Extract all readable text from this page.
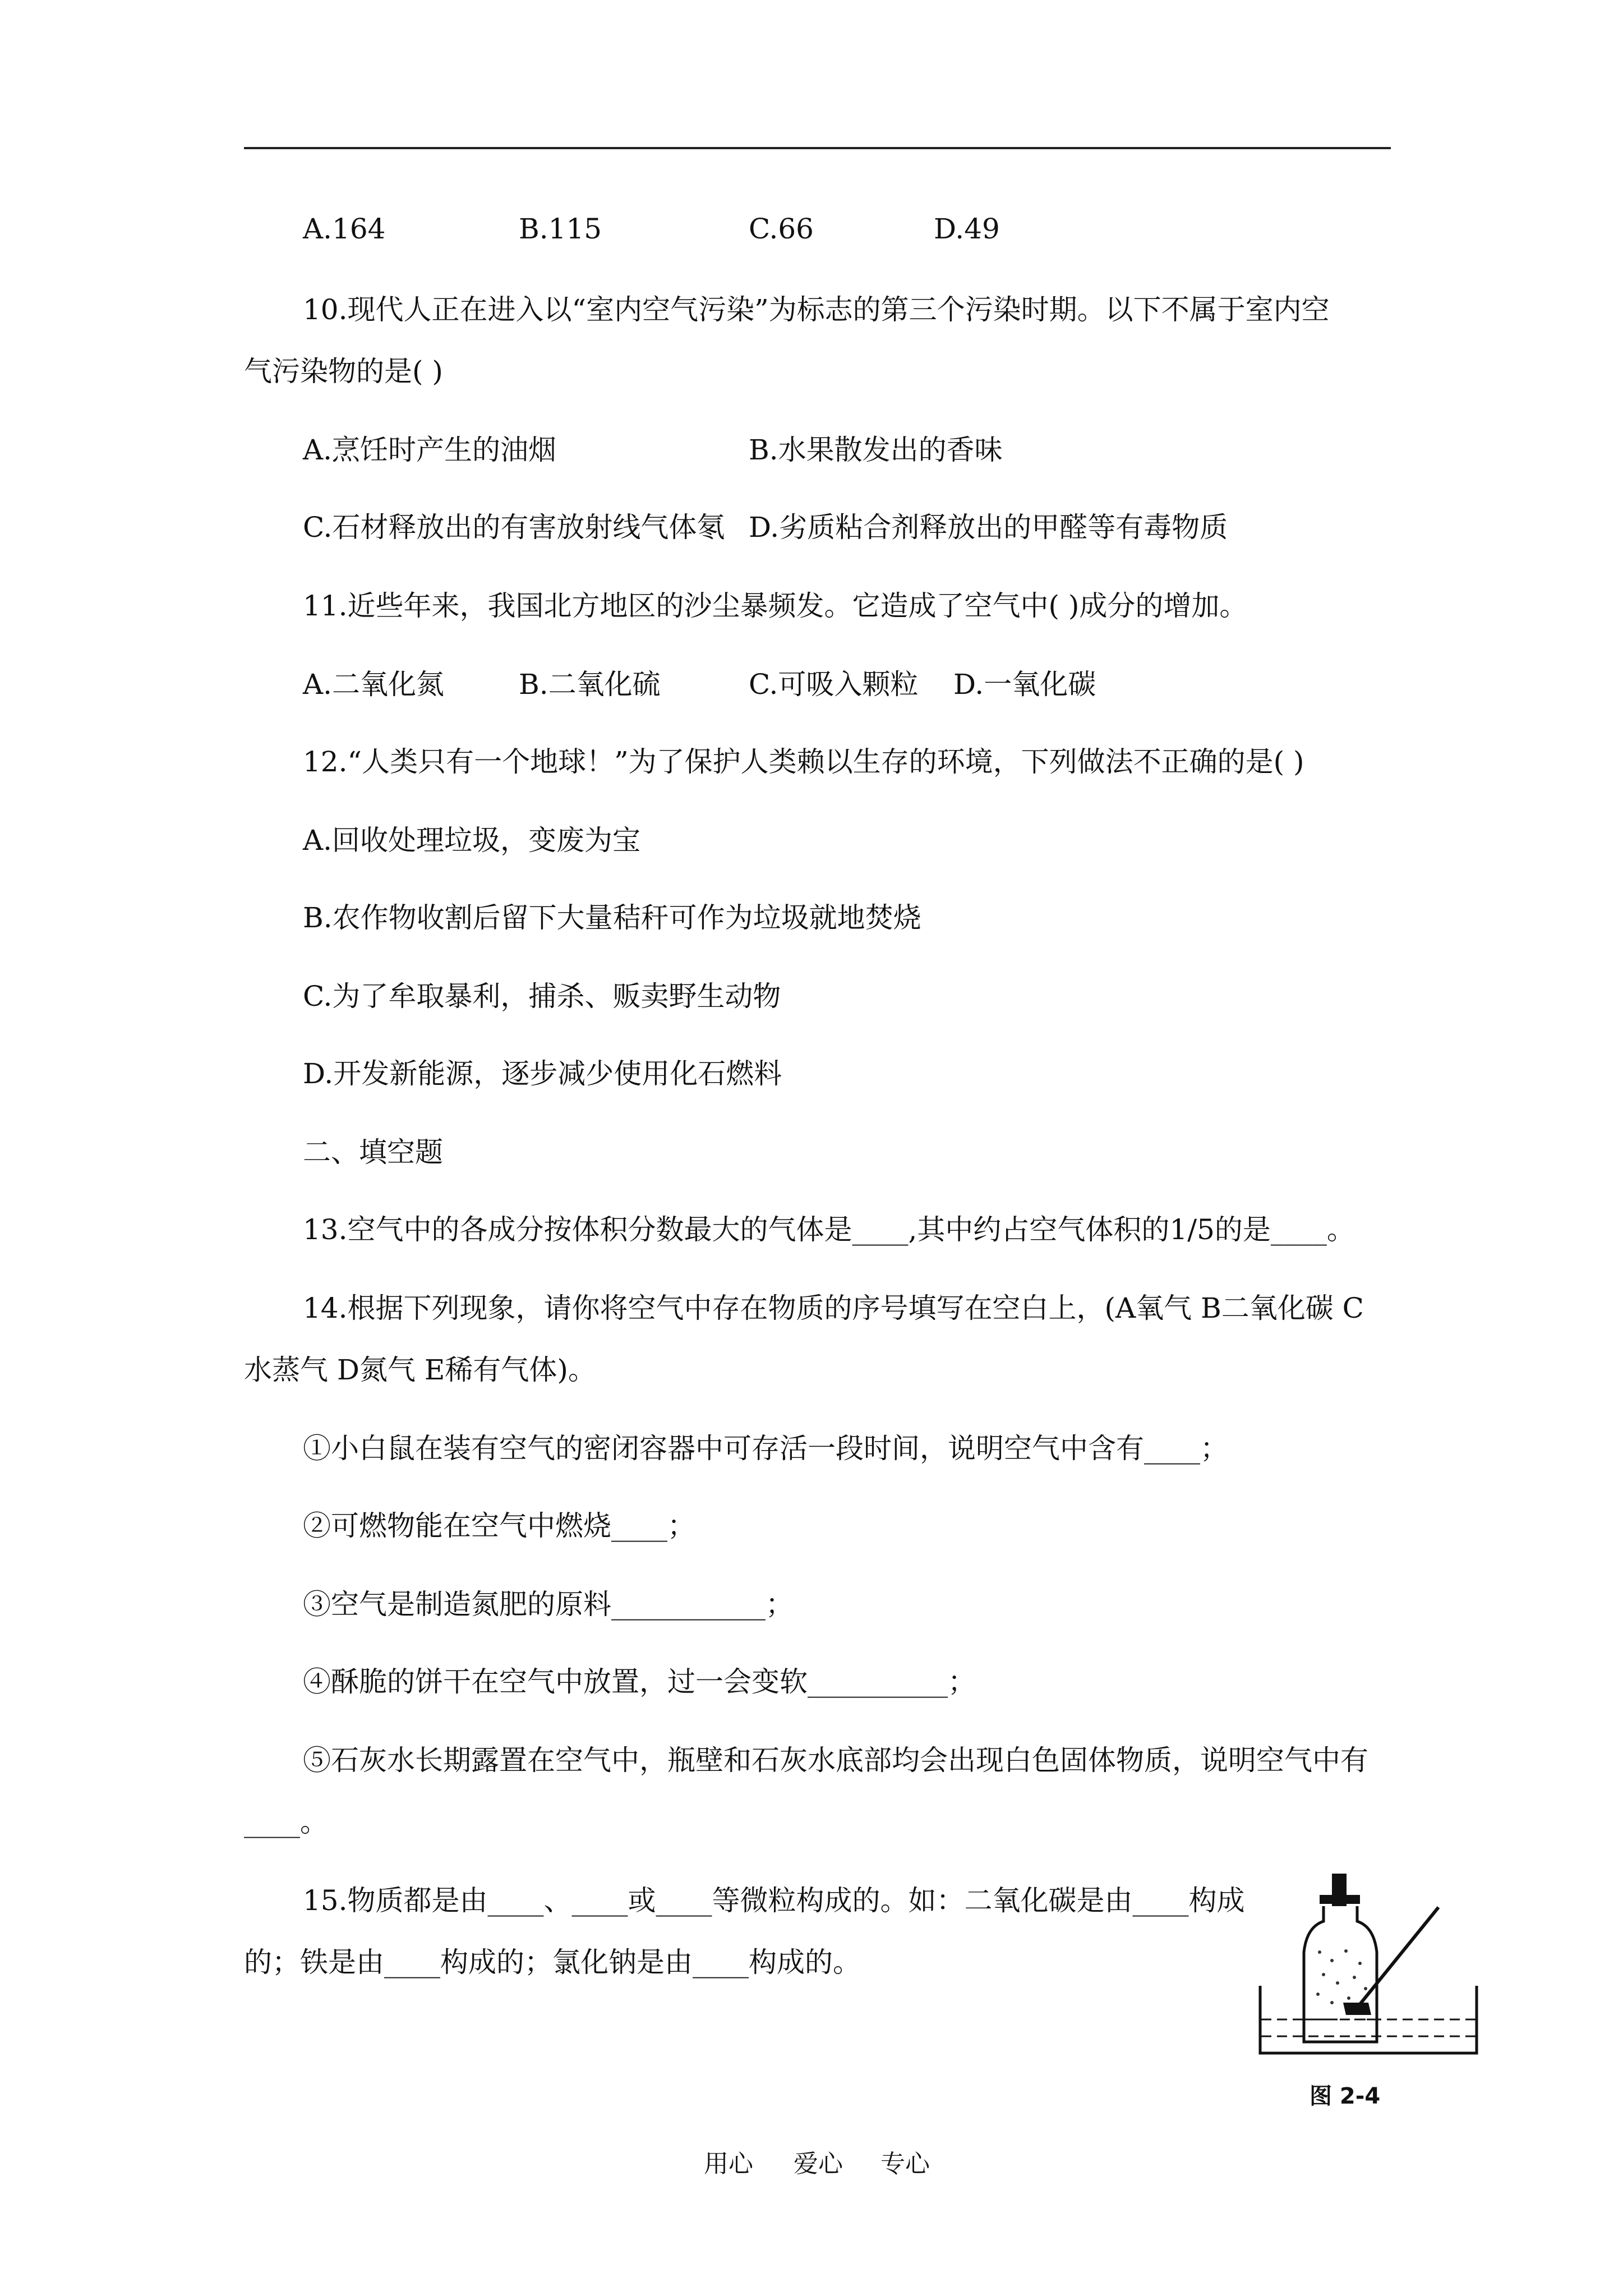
A.164	B.115	C.66	D.49
10.现代人正在进入以“室内空气污染”为标志的第三个污染时期。以下不属于室内空
气污染物的是( )
A.烹饪时产生的油烟	B.水果散发出的香味
C.石材释放出的有害放射线气体氡 D.劣质粘合剂释放出的甲醛等有毒物质
11.近些年来，我国北方地区的沙尘暴频发。它造成了空气中( )成分的增加。
A.二氧化氮	B.二氧化硫	C.可吸入颗粒 D.一氧化碳
12.“人类只有一个地球！”为了保护人类赖以生存的环境，下列做法不正确的是( )
A.回收处理垃圾，变废为宝
B.农作物收割后留下大量秸秆可作为垃圾就地焚烧
C.为了牟取暴利，捕杀、贩卖野生动物
D.开发新能源，逐步减少使用化石燃料
二、填空题
13.空气中的各成分按体积分数最大的气体是____,其中约占空气体积的1/5的是____。
14.根据下列现象，请你将空气中存在物质的序号填写在空白上，(A氧气 B二氧化碳 C
水蒸气 D氮气 E稀有气体)。
①小白鼠在装有空气的密闭容器中可存活一段时间，说明空气中含有____；
②可燃物能在空气中燃烧____；
③空气是制造氮肥的原料___________；
④酥脆的饼干在空气中放置，过一会变软__________；
⑤石灰水长期露置在空气中，瓶壁和石灰水底部均会出现白色固体物质，说明空气中有
____。
15.物质都是由____、____或____等微粒构成的。如：二氧化碳是由____构成
的；铁是由____构成的；氯化钠是由____构成的。
图 2-4
用心 爱心 专心
